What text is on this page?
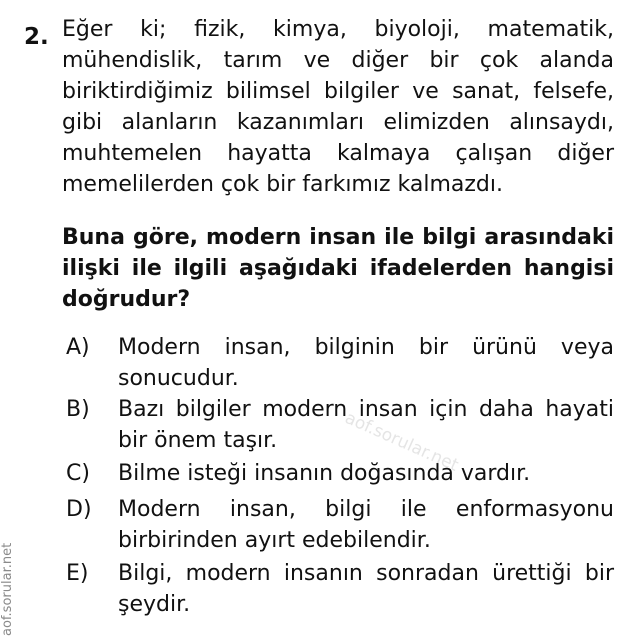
2. Eğer ki; fizik, kimya, biyoloji, matematik,
mühendislik, tarım ve diğer bir çok alanda
biriktirdiğimiz bilimsel bilgiler ve sanat, felsefe,
gibi alanların kazanımları elimizden alınsaydı,
muhtemelen hayatta kalmaya çalışan diğer
memelilerden çok bir farkımız kalmazdı.
Buna göre, modern insan ile bilgi arasındaki
ilişki ile ilgili aşağıdaki ifadelerden hangisi
doğrudur?
A)	Modern insan, bilginin bir ürünü veya
sonucudur.
B)	Bazı bilgiler modern insan için daha hayati
bir önem taşır.
C)	Bilme isteği insanın doğasında vardır.
D)	Modern insan, bilgi ile enformasyonu
birbirinden ayırt edebilendir.
E)	Bilgi, modern insanın sonradan ürettiği bir
şeydir.
aof.sorular.net
aof.sorular.net
